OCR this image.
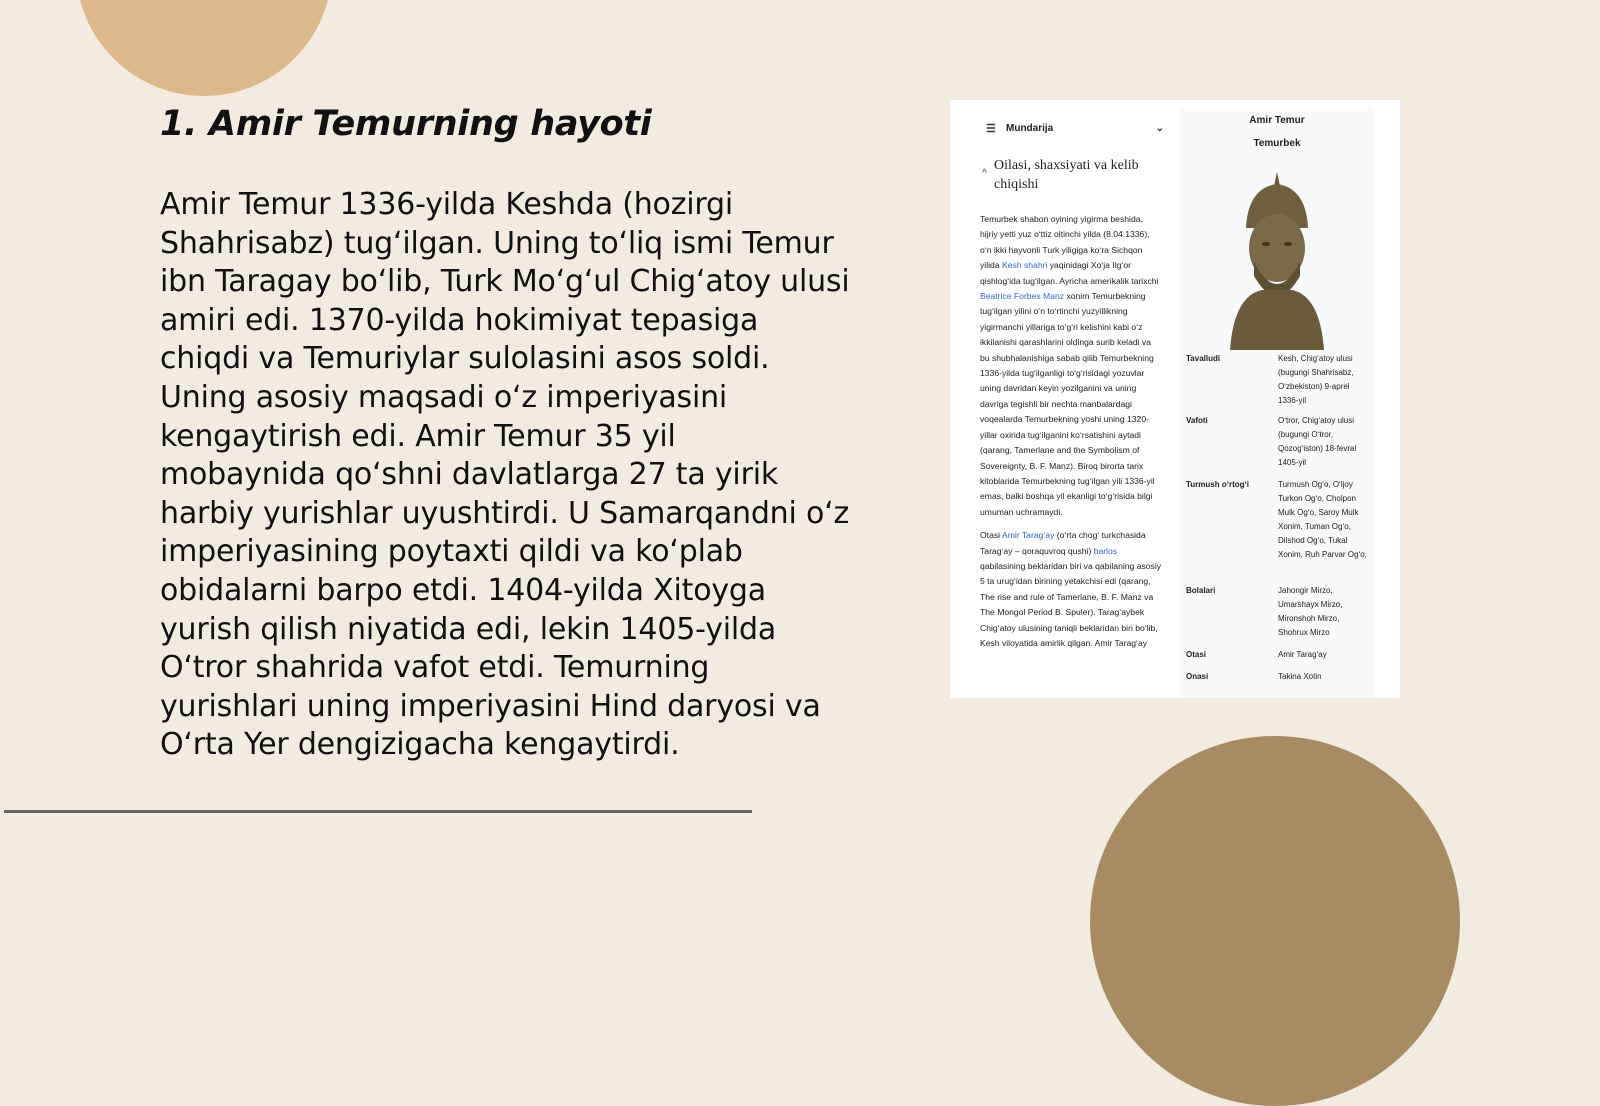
1. Amir Temurning hayoti

Amir Temur 1336-yilda Keshda (hozirgi Shahrisabz) tugʻilgan. Uning toʻliq ismi Temur ibn Taragay boʻlib, Turk Moʻgʻul Chigʻatoy ulusi amiri edi. 1370-yilda hokimiyat tepasiga chiqdi va Temuriylar sulolasini asos soldi. Uning asosiy maqsadi oʻz imperiyasini kengaytirish edi. Amir Temur 35 yil mobaynida qoʻshni davlatlarga 27 ta yirik harbiy yurishlar uyushtirdi. U Samarqandni oʻz imperiyasining poytaxti qildi va koʻplab obidalarni barpo etdi. 1404-yilda Xitoyga yurish qilish niyatida edi, lekin 1405-yilda Oʻtror shahrida vafot etdi. Temurning yurishlari uning imperiyasini Hind daryosi va Oʻrta Yer dengizigacha kengaytirdi.

☰ Mundarija	⌄
^
Oilasi, shaxsiyati va kelib chiqishi

Temurbek shabon oyining yigirma beshida, hijriy yetti yuz oʻttiz oltinchi yilda (8.04.1336), oʻn ikki hayvonli Turk yiligiga koʻra Sichqon yilida Kesh shahri yaqinidagi Xoʻja Ilgʻor qishlogʻida tugʻilgan. Ayrichа amerikalik tarixchi Beatrice Forbes Manz xonim Temurbekning tugʻilgan yilini oʻn toʻrtinchi yuzyillikning yigirmanchi yillariga toʻgʻri kelishini kabi oʻz ikkilanishi qarashlarini oldinga surib keladi va bu shubhalanishiga sabab qilib Temurbekning 1336-yilda tugʻilganligi toʻgʻrisidagi yozuvlar uning davridan keyin yozilganini va uning davriga tegishli bir nechta manbalardagi voqealarda Temurbekning yoshi uning 1320-yillar oxirida tugʻilganini koʻrsatishini aytadi (qarang, Tamerlane and the Symbolism of Sovereignty, B. F. Manz). Biroq birorta tarix kitoblarida Temurbekning tugʻilgan yili 1336-yil emas, balki boshqa yil ekanligi toʻgʻrisida bilgi umuman uchramaydi.

Otasi Amir Taragʻay (oʻrta chogʻ turkchasida Taragʻay – qoraquvroq qushi) barlos qabilasining beklaridan biri va qabilaning asosiy 5 ta urugʻidan birining yetakchisi edi (qarang, The rise and rule of Tamerlane, B. F. Manz va The Mongol Period B. Spuler). Taragʻaybek Chigʻatoy ulusining taniqli beklaridan biri boʻlib, Kesh viloyatida amirlik qilgan. Amir Taragʻay

Amir Temur
Temurbek
Tavalludi	Kesh, Chigʻatoy ulusi (bugungi Shahrisabz, Oʻzbekiston) 9-aprel 1336-yil
Vafoti	Oʻtror, Chigʻatoy ulusi (bugungi Oʻtror, Qozogʻiston) 18-fevral 1405-yil
Turmush oʻrtogʻi	Turmush Ogʻo, Oʻljoy Turkon Ogʻo, Cholpon Mulk Ogʻo, Saroy Mulk Xonim, Tuman Ogʻo, Dilshod Ogʻo, Tukal Xonim, Ruh Parvar Ogʻo,
Bolalari	Jahongir Mirzo, Umarshayx Mirzo, Mironshoh Mirzo, Shohrux Mirzo
Otasi	Amir Taragʻay
Onasi	Takina Xotin
